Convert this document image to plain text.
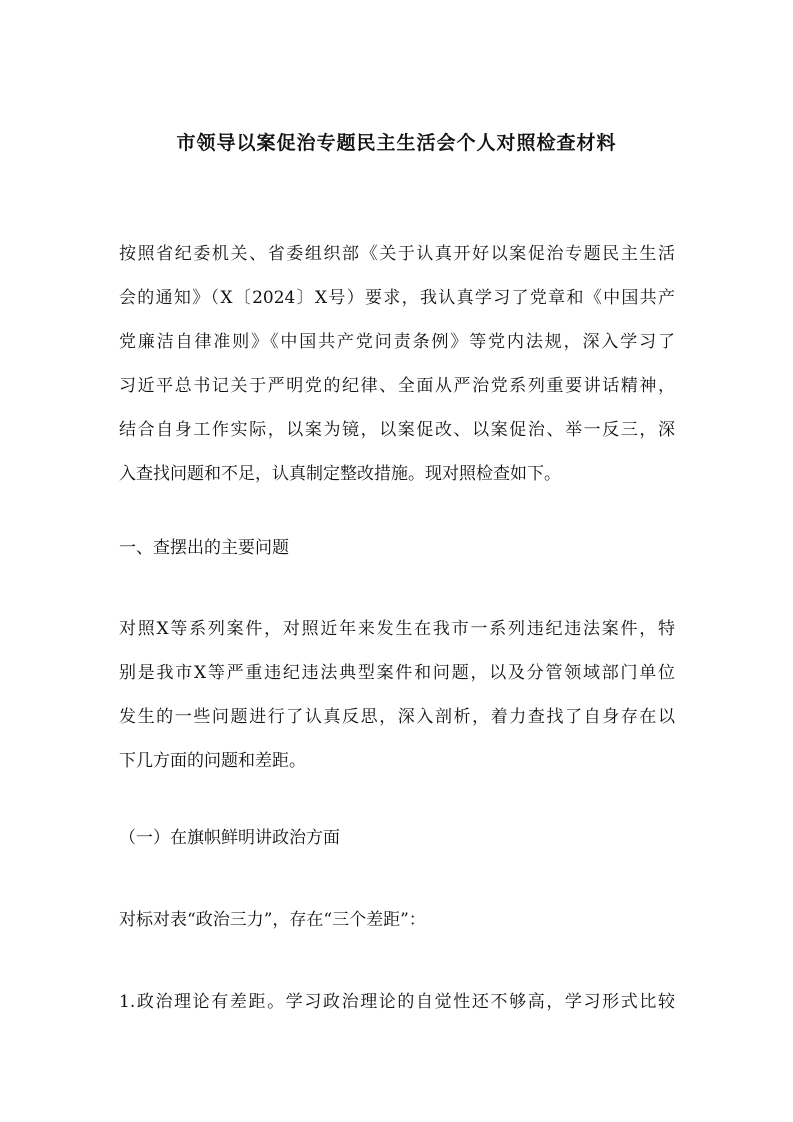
市领导以案促治专题民主生活会个人对照检查材料
按照省纪委机关、省委组织部《关于认真开好以案促治专题民主生活
会的通知》（X〔2024〕X号）要求，我认真学习了党章和《中国共产
党廉洁自律准则》《中国共产党问责条例》等党内法规，深入学习了
习近平总书记关于严明党的纪律、全面从严治党系列重要讲话精神，
结合自身工作实际，以案为镜，以案促改、以案促治、举一反三，深
入查找问题和不足，认真制定整改措施。现对照检查如下。
一、查摆出的主要问题
对照X等系列案件，对照近年来发生在我市一系列违纪违法案件，特
别是我市X等严重违纪违法典型案件和问题，以及分管领域部门单位
发生的一些问题进行了认真反思，深入剖析，着力查找了自身存在以
下几方面的问题和差距。
（一）在旗帜鲜明讲政治方面
对标对表“政治三力”，存在“三个差距”：
1.政治理论有差距。学习政治理论的自觉性还不够高，学习形式比较
